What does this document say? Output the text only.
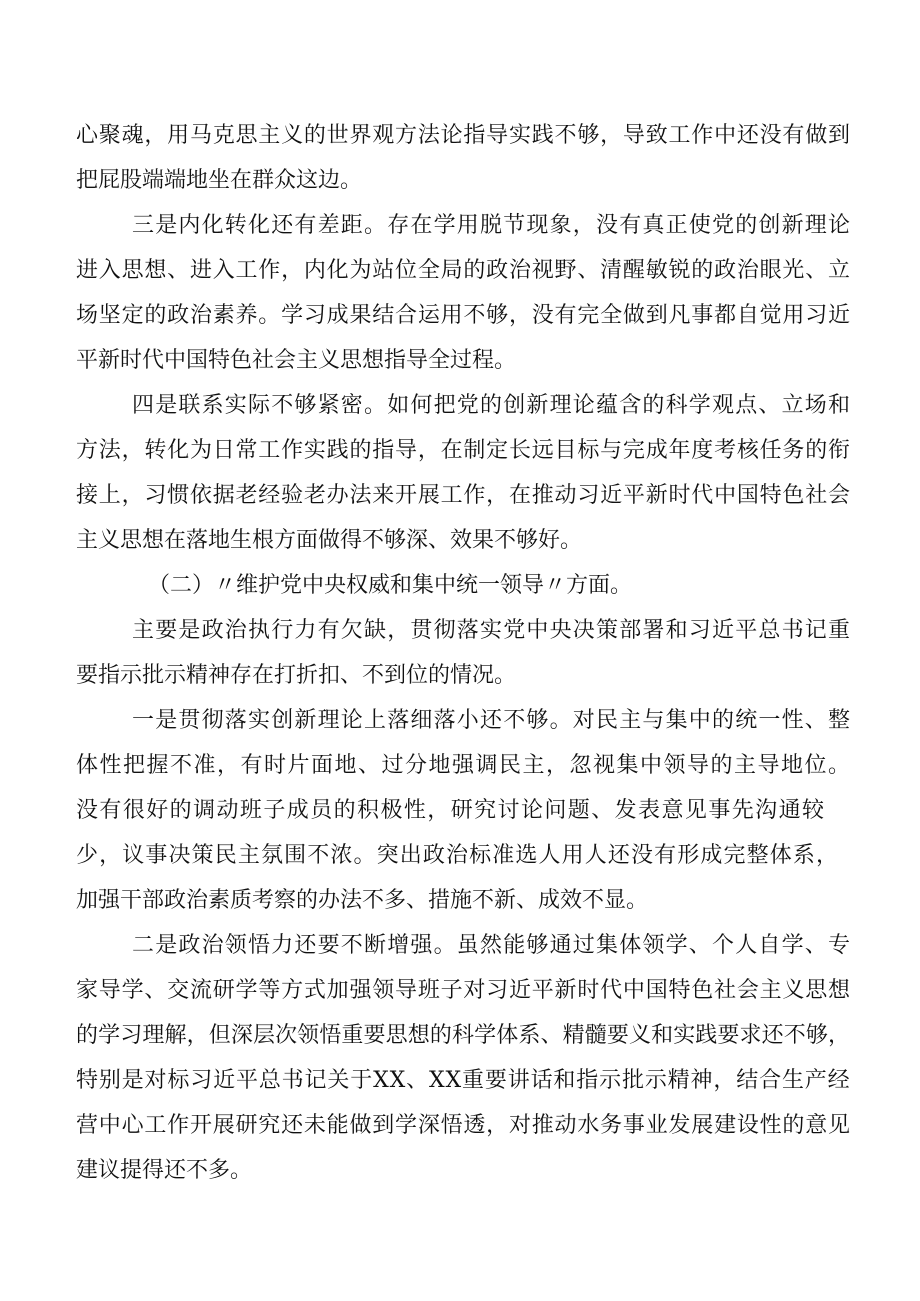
心聚魂，用马克思主义的世界观方法论指导实践不够，导致工作中还没有做到
把屁股端端地坐在群众这边。
三是内化转化还有差距。存在学用脱节现象，没有真正使党的创新理论
进入思想、进入工作，内化为站位全局的政治视野、清醒敏锐的政治眼光、立
场坚定的政治素养。学习成果结合运用不够，没有完全做到凡事都自觉用习近
平新时代中国特色社会主义思想指导全过程。
四是联系实际不够紧密。如何把党的创新理论蕴含的科学观点、立场和
方法，转化为日常工作实践的指导，在制定长远目标与完成年度考核任务的衔
接上，习惯依据老经验老办法来开展工作，在推动习近平新时代中国特色社会
主义思想在落地生根方面做得不够深、效果不够好。
（二）〃维护党中央权威和集中统一领导〃方面。
主要是政治执行力有欠缺，贯彻落实党中央决策部署和习近平总书记重
要指示批示精神存在打折扣、不到位的情况。
一是贯彻落实创新理论上落细落小还不够。对民主与集中的统一性、整
体性把握不准，有时片面地、过分地强调民主，忽视集中领导的主导地位。
没有很好的调动班子成员的积极性，研究讨论问题、发表意见事先沟通较
少，议事决策民主氛围不浓。突出政治标准选人用人还没有形成完整体系，
加强干部政治素质考察的办法不多、措施不新、成效不显。
二是政治领悟力还要不断增强。虽然能够通过集体领学、个人自学、专
家导学、交流研学等方式加强领导班子对习近平新时代中国特色社会主义思想
的学习理解，但深层次领悟重要思想的科学体系、精髓要义和实践要求还不够，
特别是对标习近平总书记关于XX、XX重要讲话和指示批示精神，结合生产经
营中心工作开展研究还未能做到学深悟透，对推动水务事业发展建设性的意见
建议提得还不多。
